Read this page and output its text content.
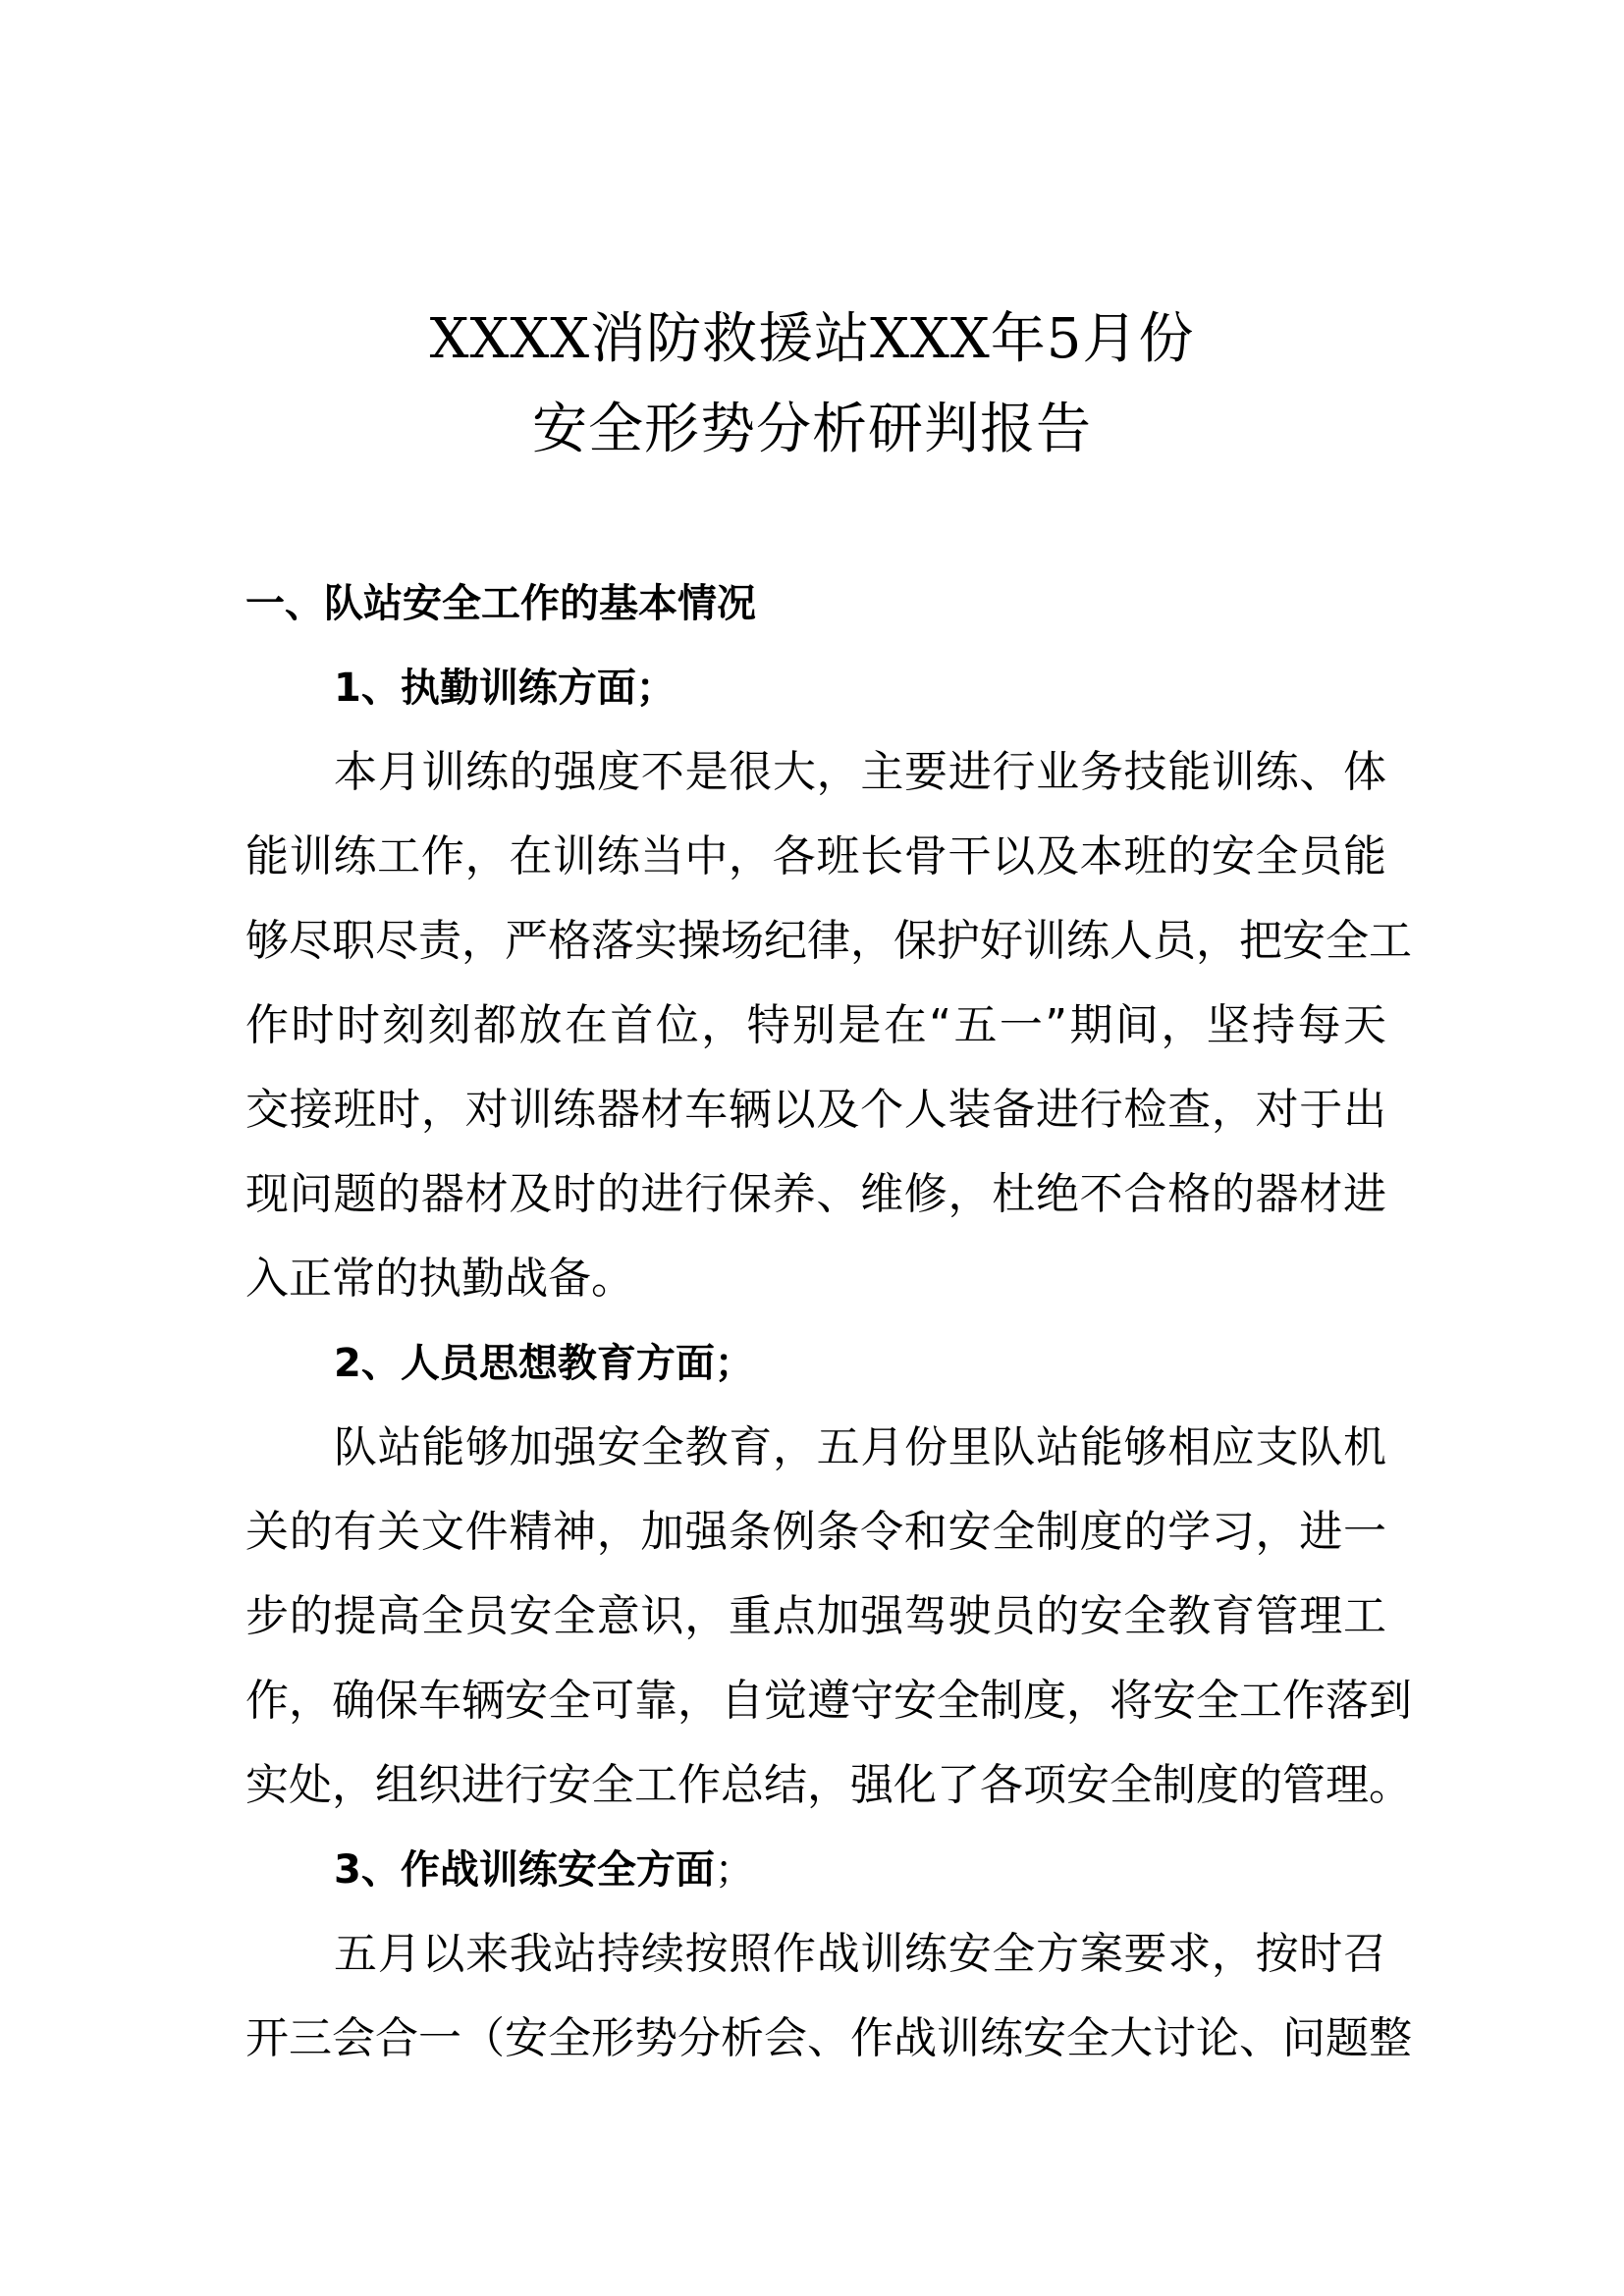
XXXX消防救援站XXX年5月份
安全形势分析研判报告
一、队站安全工作的基本情况
1、执勤训练方面；
本月训练的强度不是很大，主要进行业务技能训练、体
能训练工作，在训练当中，各班长骨干以及本班的安全员能
够尽职尽责，严格落实操场纪律，保护好训练人员，把安全工
作时时刻刻都放在首位，特别是在“五一”期间，坚持每天
交接班时，对训练器材车辆以及个人装备进行检查，对于出
现问题的器材及时的进行保养、维修，杜绝不合格的器材进
入正常的执勤战备。
2、人员思想教育方面；
队站能够加强安全教育，五月份里队站能够相应支队机
关的有关文件精神，加强条例条令和安全制度的学习，进一
步的提高全员安全意识，重点加强驾驶员的安全教育管理工
作，确保车辆安全可靠，自觉遵守安全制度，将安全工作落到
实处，组织进行安全工作总结，强化了各项安全制度的管理。
3、作战训练安全方面；
五月以来我站持续按照作战训练安全方案要求，按时召
开三会合一（安全形势分析会、作战训练安全大讨论、问题整
